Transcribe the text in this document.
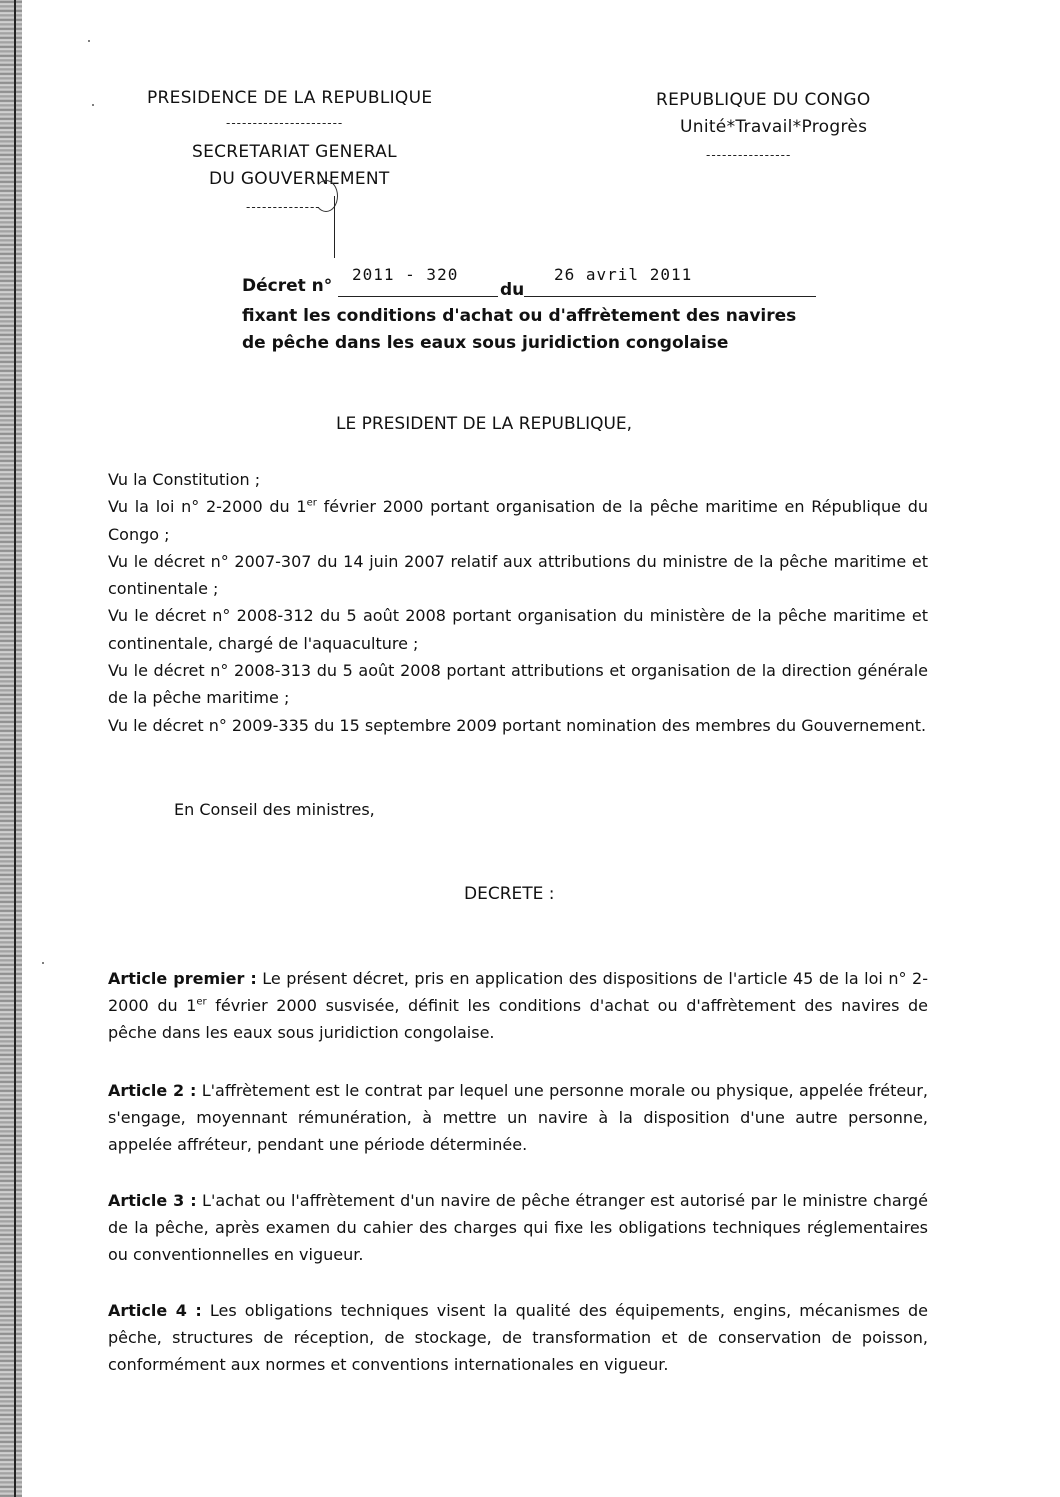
PRESIDENCE DE LA REPUBLIQUE
----------------------
SECRETARIAT GENERAL
DU GOUVERNEMENT
--------------
REPUBLIQUE DU CONGO
Unité*Travail*Progrès
----------------
Décret n°
2011 - 320
du
26 avril 2011
fixant les conditions d'achat ou d'affrètement des navires
de pêche dans les eaux sous juridiction congolaise
LE PRESIDENT DE LA REPUBLIQUE,
Vu la Constitution ;
Vu la loi n° 2-2000 du 1er février 2000 portant organisation de la pêche maritime en République du Congo ;
Vu le décret n° 2007-307 du 14 juin 2007 relatif aux attributions du ministre de la pêche maritime et continentale ;
Vu le décret n° 2008-312 du 5 août 2008 portant organisation du ministère de la pêche maritime et continentale, chargé de l'aquaculture ;
Vu le décret n° 2008-313 du 5 août 2008 portant attributions et organisation de la direction générale de la pêche maritime ;
Vu le décret n° 2009-335 du 15 septembre 2009 portant nomination des membres du Gouvernement.
En Conseil des ministres,
DECRETE :
Article premier : Le présent décret, pris en application des dispositions de l'article 45 de la loi n° 2-2000 du 1er février 2000 susvisée, définit les conditions d'achat ou d'affrètement des navires de pêche dans les eaux sous juridiction congolaise.
Article 2 : L'affrètement est le contrat par lequel une personne morale ou physique, appelée fréteur, s'engage, moyennant rémunération, à mettre un navire à la disposition d'une autre personne, appelée affréteur, pendant une période déterminée.
Article 3 : L'achat ou l'affrètement d'un navire de pêche étranger est autorisé par le ministre chargé de la pêche, après examen du cahier des charges qui fixe les obligations techniques réglementaires ou conventionnelles en vigueur.
Article 4 : Les obligations techniques visent la qualité des équipements, engins, mécanismes de pêche, structures de réception, de stockage, de transformation et de conservation de poisson, conformément aux normes et conventions internationales en vigueur.
